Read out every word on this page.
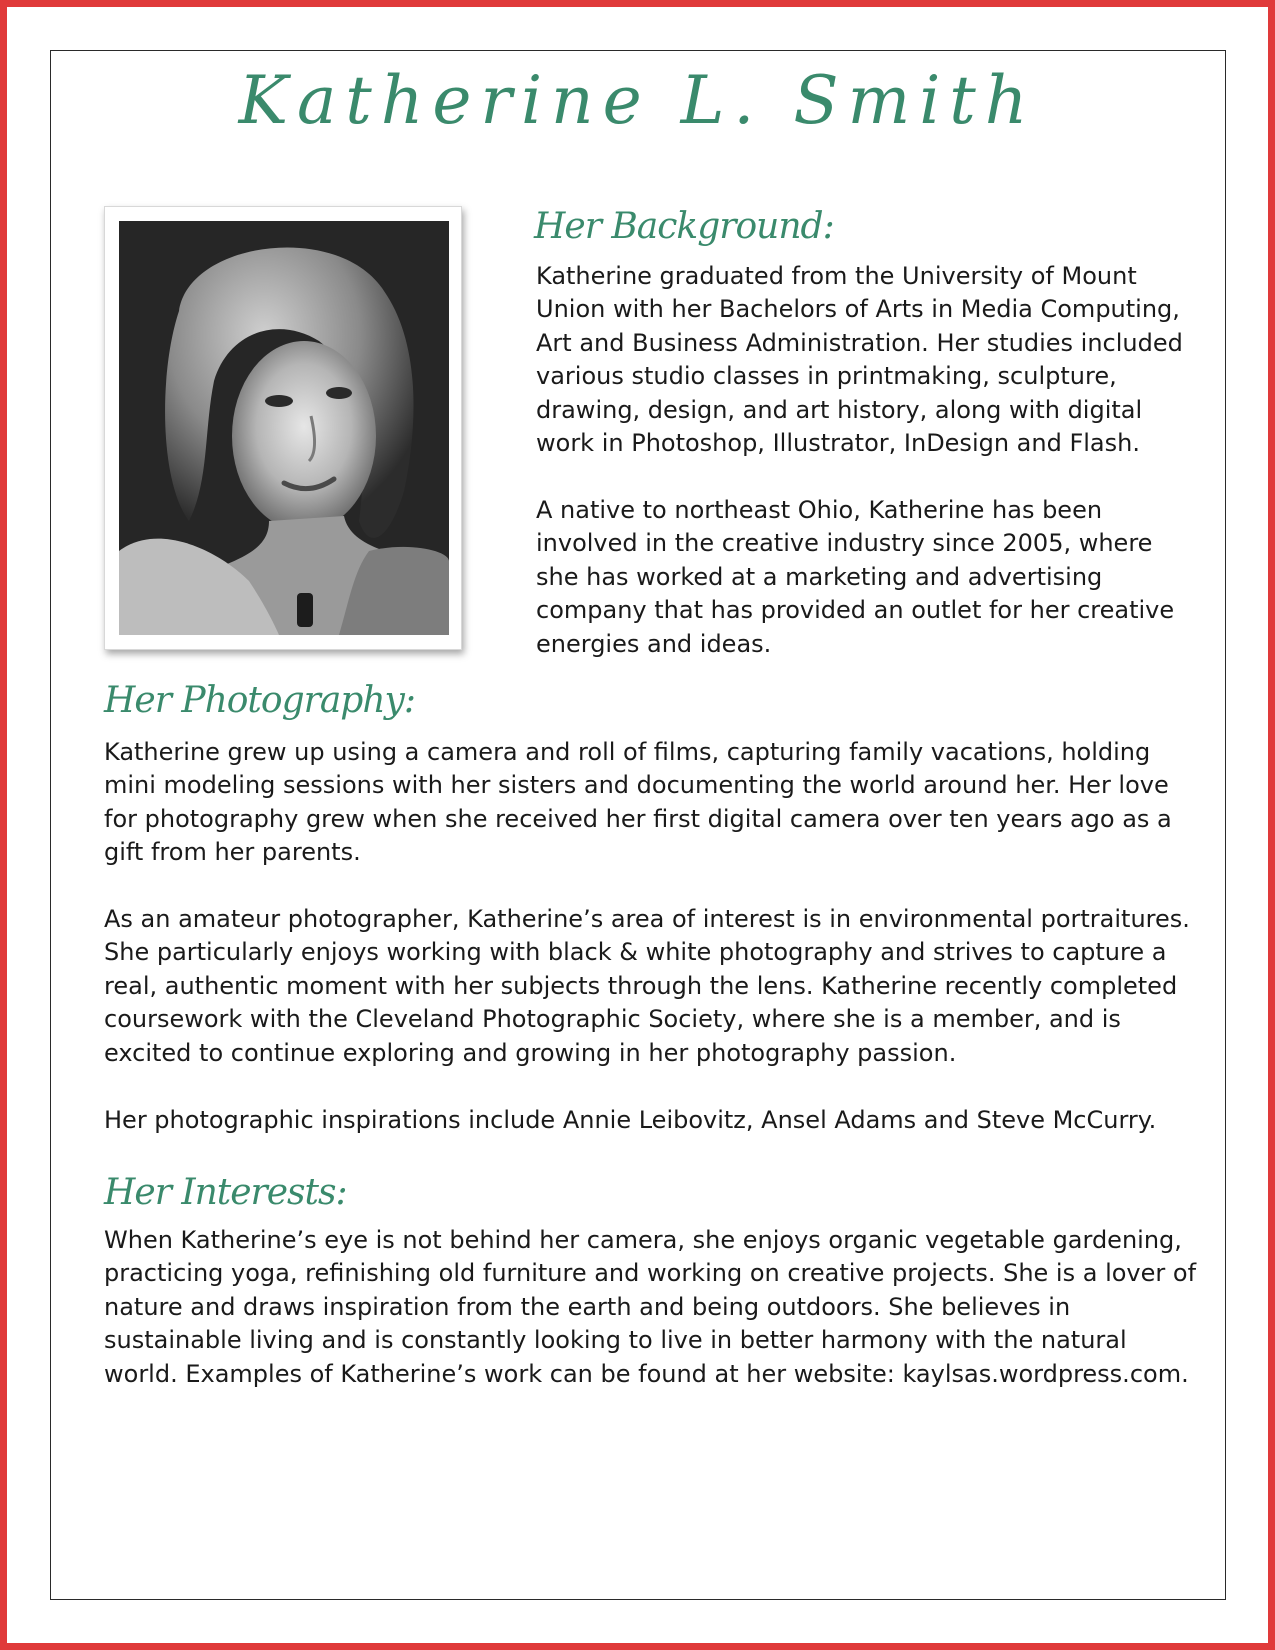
Katherine L. Smith
Her Background:

Katherine graduated from the University of Mount Union with her Bachelors of Arts in Media Computing, Art and Business Administration. Her studies included various studio classes in printmaking, sculpture, drawing, design, and art history, along with digital work in Photoshop, Illustrator, InDesign and Flash.

A native to northeast Ohio, Katherine has been involved in the creative industry since 2005, where she has worked at a marketing and advertising company that has provided an outlet for her creative energies and ideas.

Her Photography:

Katherine grew up using a camera and roll of films, capturing family vacations, holding mini modeling sessions with her sisters and documenting the world around her. Her love for photography grew when she received her first digital camera over ten years ago as a gift from her parents.

As an amateur photographer, Katherine’s area of interest is in environmental portraitures. She particularly enjoys working with black & white photography and strives to capture a real, authentic moment with her subjects through the lens. Katherine recently completed coursework with the Cleveland Photographic Society, where she is a member, and is excited to continue exploring and growing in her photography passion.

Her photographic inspirations include Annie Leibovitz, Ansel Adams and Steve McCurry.

Her Interests:

When Katherine’s eye is not behind her camera, she enjoys organic vegetable gardening, practicing yoga, refinishing old furniture and working on creative projects. She is a lover of nature and draws inspiration from the earth and being outdoors. She believes in sustainable living and is constantly looking to live in better harmony with the natural world. Examples of Katherine’s work can be found at her website: kaylsas.wordpress.com.
